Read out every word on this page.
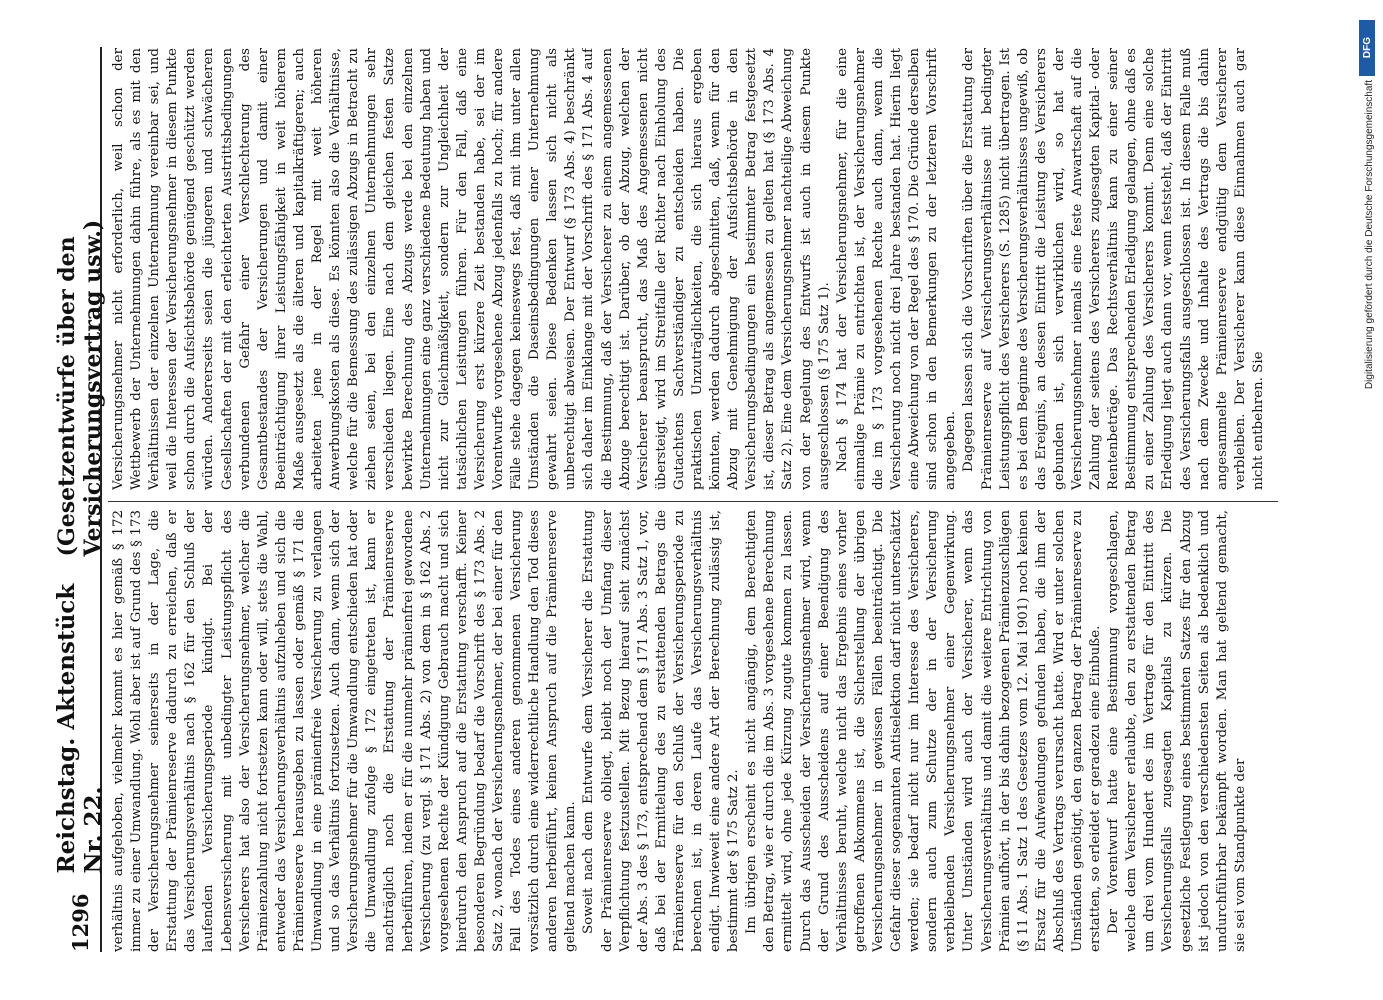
1296
Reichstag. Aktenstück Nr. 22.
(Gesetzentwürfe über den Versicherungsvertrag usw.)

verhältnis aufgehoben, vielmehr kommt es hier gemäß § 172 immer zu einer Umwandlung. Wohl aber ist auf Grund des § 173 der Versicherungsnehmer seinerseits in der Lage, die Erstattung der Prämienreserve dadurch zu erreichen, daß er das Versicherungsverhältnis nach § 162 für den Schluß der laufenden Versicherungsperiode kündigt. Bei der Lebensversicherung mit unbedingter Leistungspflicht des Versicherers hat also der Versicherungsnehmer, welcher die Prämienzahlung nicht fortsetzen kann oder will, stets die Wahl, entweder das Versicherungsverhältnis aufzuheben und sich die Prämienreserve herausgeben zu lassen oder gemäß § 171 die Umwandlung in eine prämienfreie Versicherung zu verlangen und so das Verhältnis fortzusetzen. Auch dann, wenn sich der Versicherungsnehmer für die Umwandlung entschieden hat oder die Umwandlung zufolge § 172 eingetreten ist, kann er nachträglich noch die Erstattung der Prämienreserve herbeiführen, indem er für die nunmehr prämienfrei gewordene Versicherung (zu vergl. § 171 Abs. 2) von dem in § 162 Abs. 2 vorgesehenen Rechte der Kündigung Gebrauch macht und sich hierdurch den Anspruch auf die Erstattung verschafft. Keiner besonderen Begründung bedarf die Vorschrift des § 173 Abs. 2 Satz 2, wonach der Versicherungsnehmer, der bei einer für den Fall des Todes eines anderen genommenen Versicherung vorsätzlich durch eine widerrechtliche Handlung den Tod dieses anderen herbeiführt, keinen Anspruch auf die Prämienreserve geltend machen kann. Soweit nach dem Entwurfe dem Versicherer die Erstattung der Prämienreserve obliegt, bleibt noch der Umfang dieser Verpflichtung festzustellen. Mit Bezug hierauf sieht zunächst der Abs. 3 des § 173, entsprechend dem § 171 Abs. 3 Satz 1, vor, daß bei der Ermittelung des zu erstattenden Betrags die Prämienreserve für den Schluß der Versicherungsperiode zu berechnen ist, in deren Laufe das Versicherungsverhältnis endigt. Inwieweit eine andere Art der Berechnung zulässig ist, bestimmt der § 175 Satz 2. Im übrigen erscheint es nicht angängig, dem Berechtigten den Betrag, wie er durch die im Abs. 3 vorgesehene Berechnung ermittelt wird, ohne jede Kürzung zugute kommen zu lassen. Durch das Ausscheiden der Versicherungsnehmer wird, wenn der Grund des Ausscheidens auf einer Beendigung des Verhältnisses beruht, welche nicht das Ergebnis eines vorher getroffenen Abkommens ist, die Sicherstellung der übrigen Versicherungsnehmer in gewissen Fällen beeinträchtigt. Die Gefahr dieser sogenannten Antiselektion darf nicht unterschätzt werden; sie bedarf nicht nur im Interesse des Versicherers, sondern auch zum Schutze der in der Versicherung verbleibenden Versicherungsnehmer einer Gegenwirkung. Unter Umständen wird auch der Versicherer, wenn das Versicherungsverhältnis und damit die weitere Entrichtung von Prämien aufhört, in der bis dahin bezogenen Prämienzuschlägen (§ 11 Abs. 1 Satz 1 des Gesetzes vom 12. Mai 1901) noch keinen Ersatz für die Aufwendungen gefunden haben, die ihm der Abschluß des Vertrags verursacht hatte. Wird er unter solchen Umständen genötigt, den ganzen Betrag der Prämienreserve zu erstatten, so erleidet er geradezu eine Einbuße. Der Vorentwurf hatte eine Bestimmung vorgeschlagen, welche dem Versicherer erlaubte, den zu erstattenden Betrag um drei vom Hundert des im Vertrage für den Eintritt des Versicherungsfalls zugesagten Kapitals zu kürzen. Die gesetzliche Festlegung eines bestimmten Satzes für den Abzug ist jedoch von den verschiedensten Seiten als bedenklich und undurchführbar bekämpft worden. Man hat geltend gemacht, sie sei vom Standpunkte der

Versicherungsnehmer nicht erforderlich, weil schon der Wettbewerb der Unternehmungen dahin führe, als es mit den Verhältnissen der einzelnen Unternehmung vereinbar sei, und weil die Interessen der Versicherungsnehmer in diesem Punkte schon durch die Aufsichtsbehörde genügend geschützt werden würden. Andererseits seien die jüngeren und schwächeren Gesellschaften der mit den erleichterten Austrittsbedingungen verbundenen Gefahr einer Verschlechterung des Gesamtbestandes der Versicherungen und damit einer Beeinträchtigung ihrer Leistungsfähigkeit in weit höherem Maße ausgesetzt als die älteren und kapitalkräftigeren; auch arbeiteten jene in der Regel mit weit höheren Anwerbungskosten als diese. Es könnten also die Verhältnisse, welche für die Bemessung des zulässigen Abzugs in Betracht zu ziehen seien, bei den einzelnen Unternehmungen sehr verschieden liegen. Eine nach dem gleichen festen Satze bewirkte Berechnung des Abzugs werde bei den einzelnen Unternehmungen eine ganz verschiedene Bedeutung haben und nicht zur Gleichmäßigkeit, sondern zur Ungleichheit der tatsächlichen Leistungen führen. Für den Fall, daß eine Versicherung erst kürzere Zeit bestanden habe, sei der im Vorentwurfe vorgesehene Abzug jedenfalls zu hoch; für andere Fälle stehe dagegen keineswegs fest, daß mit ihm unter allen Umständen die Daseinsbedingungen einer Unternehmung gewahrt seien. Diese Bedenken lassen sich nicht als unberechtigt abweisen. Der Entwurf (§ 173 Abs. 4) beschränkt sich daher im Einklange mit der Vorschrift des § 171 Abs. 4 auf die Bestimmung, daß der Versicherer zu einem angemessenen Abzuge berechtigt ist. Darüber, ob der Abzug, welchen der Versicherer beansprucht, das Maß des Angemessenen nicht übersteigt, wird im Streitfalle der Richter nach Einholung des Gutachtens Sachverständiger zu entscheiden haben. Die praktischen Unzuträglichkeiten, die sich hieraus ergeben könnten, werden dadurch abgeschnitten, daß, wenn für den Abzug mit Genehmigung der Aufsichtsbehörde in den Versicherungsbedingungen ein bestimmter Betrag festgesetzt ist, dieser Betrag als angemessen zu gelten hat (§ 173 Abs. 4 Satz 2). Eine dem Versicherungsnehmer nachteilige Abweichung von der Regelung des Entwurfs ist auch in diesem Punkte ausgeschlossen (§ 175 Satz 1). Nach § 174 hat der Versicherungsnehmer, für die eine einmalige Prämie zu entrichten ist, der Versicherungsnehmer die im § 173 vorgesehenen Rechte auch dann, wenn die Versicherung noch nicht drei Jahre bestanden hat. Hierin liegt eine Abweichung von der Regel des § 170. Die Gründe derselben sind schon in den Bemerkungen zu der letzteren Vorschrift angegeben. Dagegen lassen sich die Vorschriften über die Erstattung der Prämienreserve auf Versicherungsverhältnisse mit bedingter Leistungspflicht des Versicherers (S. 1285) nicht übertragen. Ist es bei dem Beginne des Versicherungsverhältnisses ungewiß, ob das Ereignis, an dessen Eintritt die Leistung des Versicherers gebunden ist, sich verwirklichen wird, so hat der Versicherungsnehmer niemals eine feste Anwartschaft auf die Zahlung der seitens des Versicherers zugesagten Kapital- oder Rentenbeträge. Das Rechtsverhältnis kann zu einer seiner Bestimmung entsprechenden Erledigung gelangen, ohne daß es zu einer Zahlung des Versicherers kommt. Denn eine solche Erledigung liegt auch dann vor, wenn feststeht, daß der Eintritt des Versicherungsfalls ausgeschlossen ist. In diesem Falle muß nach dem Zwecke und Inhalte des Vertrags die bis dahin angesammelte Prämienreserve endgültig dem Versicherer verbleiben. Der Versicherer kann diese Einnahmen auch gar nicht entbehren. Sie

DFG
Digitalisierung gefördert durch die Deutsche Forschungsgemeinschaft
